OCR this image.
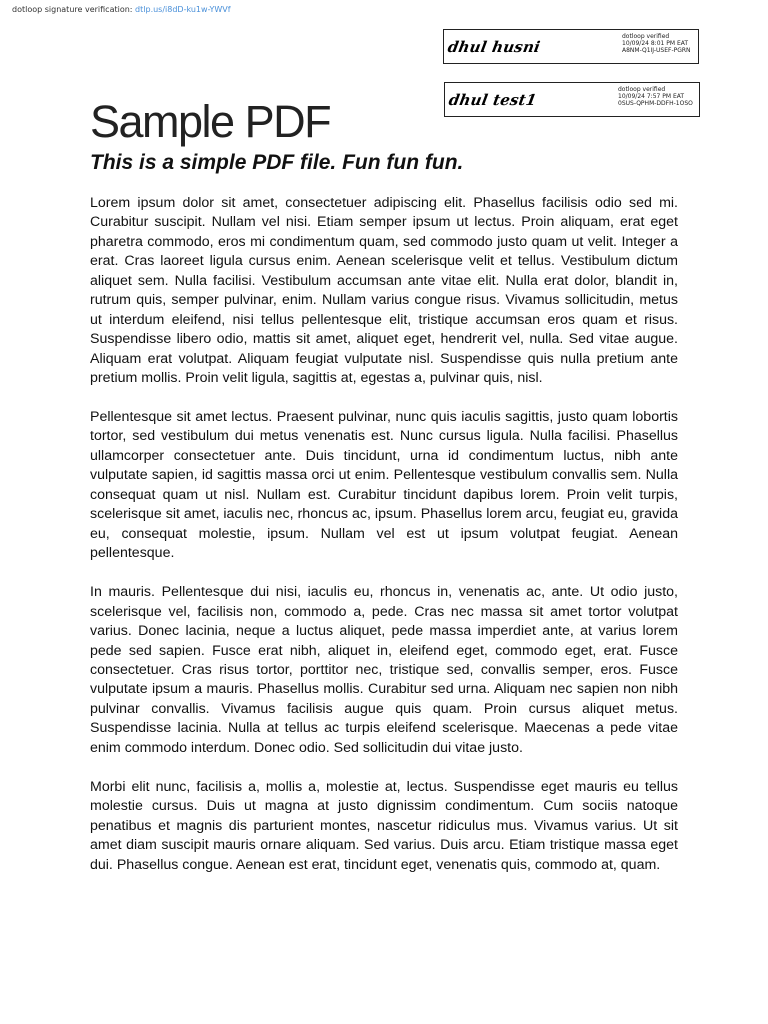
dotloop signature verification: dtlp.us/i8dD-ku1w-YWVf
dhul husni
dotloop verified
10/09/24 8:01 PM EAT
A8NM-Q1IJ-USEF-PGRN
dhul test1
dotloop verified
10/09/24 7:57 PM EAT
0SUS-QPHM-DDFH-1OSO
Sample PDF
This is a simple PDF file. Fun fun fun.

Lorem ipsum dolor sit amet, consectetuer adipiscing elit. Phasellus facilisis odio sed mi. Curabitur suscipit. Nullam vel nisi. Etiam semper ipsum ut lectus. Proin aliquam, erat eget pharetra commodo, eros mi condimentum quam, sed commodo justo quam ut velit. Integer a erat. Cras laoreet ligula cursus enim. Aenean scelerisque velit et tellus. Vestibulum dictum aliquet sem. Nulla facilisi. Vestibulum accumsan ante vitae elit. Nulla erat dolor, blandit in, rutrum quis, semper pulvinar, enim. Nullam varius congue risus. Vivamus sollicitudin, metus ut interdum eleifend, nisi tellus pellentesque elit, tristique accumsan eros quam et risus. Suspendisse libero odio, mattis sit amet, aliquet eget, hendrerit vel, nulla. Sed vitae augue. Aliquam erat volutpat. Aliquam feugiat vulputate nisl. Suspendisse quis nulla pretium ante pretium mollis. Proin velit ligula, sagittis at, egestas a, pulvinar quis, nisl.

Pellentesque sit amet lectus. Praesent pulvinar, nunc quis iaculis sagittis, justo quam lobortis tortor, sed vestibulum dui metus venenatis est. Nunc cursus ligula. Nulla facilisi. Phasellus ullamcorper consectetuer ante. Duis tincidunt, urna id condimentum luctus, nibh ante vulputate sapien, id sagittis massa orci ut enim. Pellentesque vestibulum convallis sem. Nulla consequat quam ut nisl. Nullam est. Curabitur tincidunt dapibus lorem. Proin velit turpis, scelerisque sit amet, iaculis nec, rhoncus ac, ipsum. Phasellus lorem arcu, feugiat eu, gravida eu, consequat molestie, ipsum. Nullam vel est ut ipsum volutpat feugiat. Aenean pellentesque.

In mauris. Pellentesque dui nisi, iaculis eu, rhoncus in, venenatis ac, ante. Ut odio justo, scelerisque vel, facilisis non, commodo a, pede. Cras nec massa sit amet tortor volutpat varius. Donec lacinia, neque a luctus aliquet, pede massa imperdiet ante, at varius lorem pede sed sapien. Fusce erat nibh, aliquet in, eleifend eget, commodo eget, erat. Fusce consectetuer. Cras risus tortor, porttitor nec, tristique sed, convallis semper, eros. Fusce vulputate ipsum a mauris. Phasellus mollis. Curabitur sed urna. Aliquam nec sapien non nibh pulvinar convallis. Vivamus facilisis augue quis quam. Proin cursus aliquet metus. Suspendisse lacinia. Nulla at tellus ac turpis eleifend scelerisque. Maecenas a pede vitae enim commodo interdum. Donec odio. Sed sollicitudin dui vitae justo.

Morbi elit nunc, facilisis a, mollis a, molestie at, lectus. Suspendisse eget mauris eu tellus molestie cursus. Duis ut magna at justo dignissim condimentum. Cum sociis natoque penatibus et magnis dis parturient montes, nascetur ridiculus mus. Vivamus varius. Ut sit amet diam suscipit mauris ornare aliquam. Sed varius. Duis arcu. Etiam tristique massa eget dui. Phasellus congue. Aenean est erat, tincidunt eget, venenatis quis, commodo at, quam.
